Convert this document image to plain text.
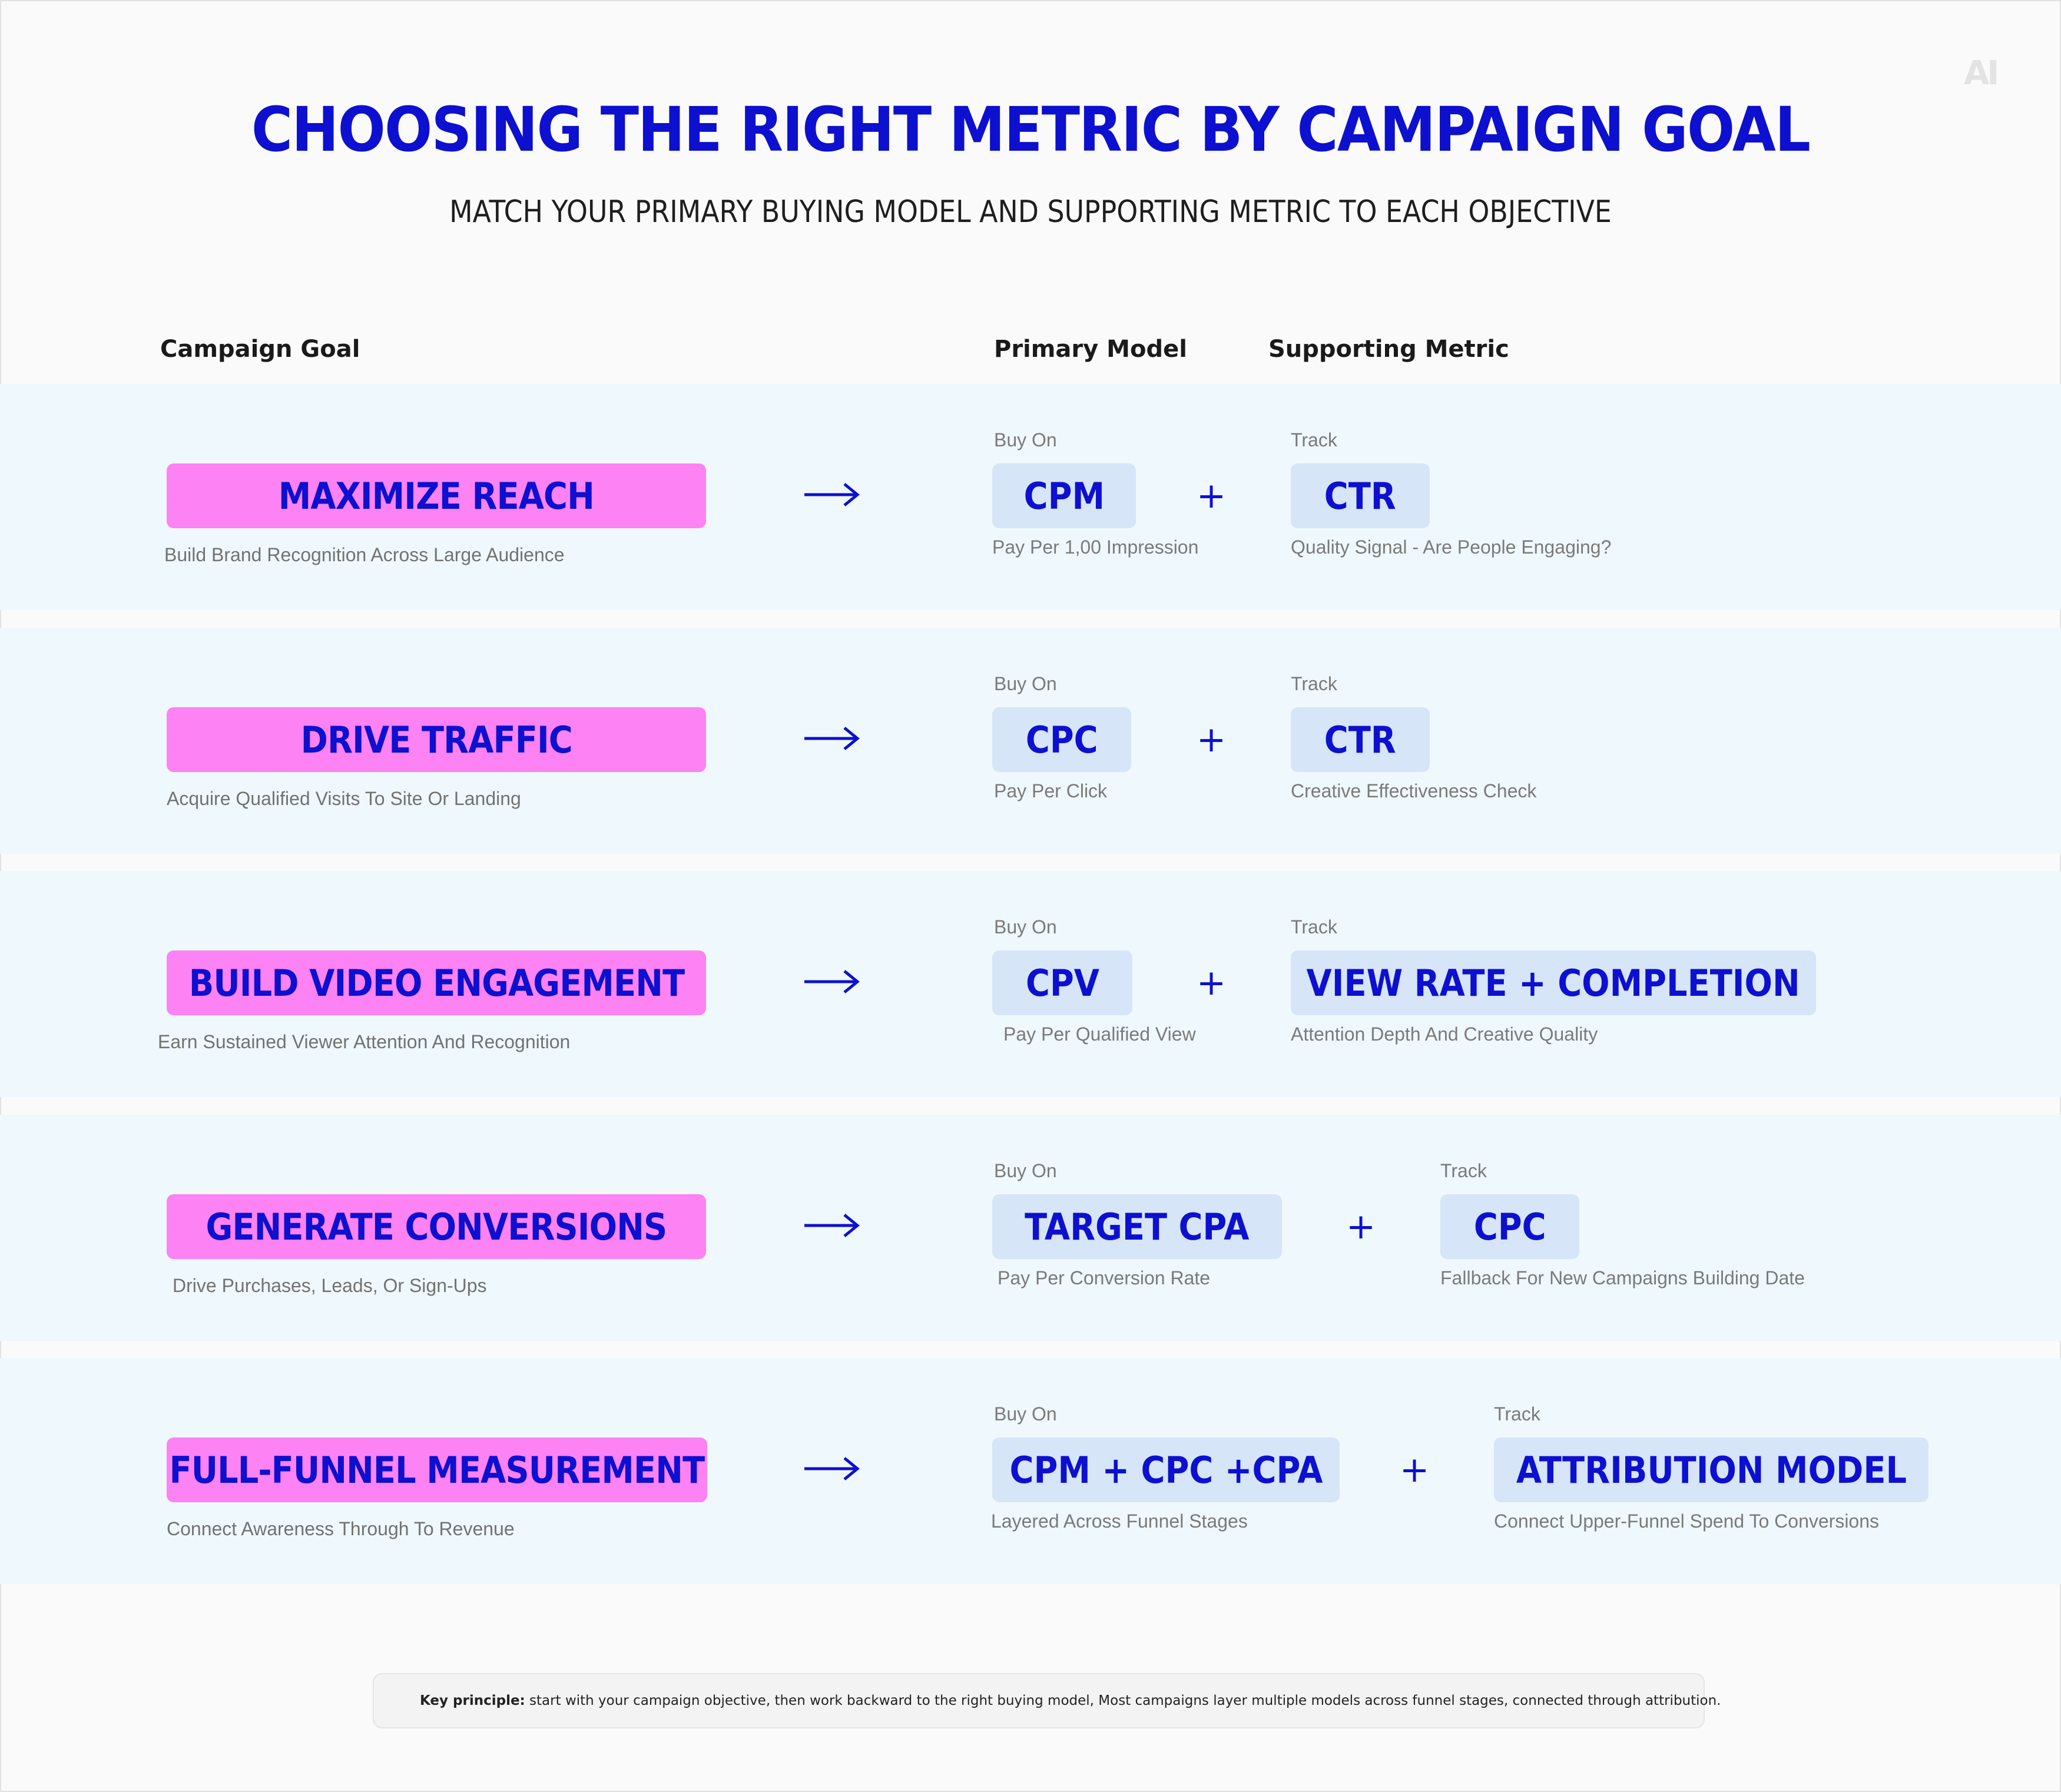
AI
CHOOSING THE RIGHT METRIC BY CAMPAIGN GOAL
MATCH YOUR PRIMARY BUYING MODEL AND SUPPORTING METRIC TO EACH OBJECTIVE
Campaign Goal	Primary Model	Supporting Metric
MAXIMIZE REACH
Build Brand Recognition Across Large Audience
Buy On
CPM
Pay Per 1,00 Impression
+
Track
CTR
Quality Signal - Are People Engaging?
DRIVE TRAFFIC
Acquire Qualified Visits To Site Or Landing
Buy On
CPC
Pay Per Click
+
Track
CTR
Creative Effectiveness Check
BUILD VIDEO ENGAGEMENT
Earn Sustained Viewer Attention And Recognition
Buy On
CPV
Pay Per Qualified View
+
Track
VIEW RATE + COMPLETION
Attention Depth And Creative Quality
GENERATE CONVERSIONS
Drive Purchases, Leads, Or Sign-Ups
Buy On
TARGET CPA
Pay Per Conversion Rate
+
Track
CPC
Fallback For New Campaigns Building Date
FULL-FUNNEL MEASUREMENT
Connect Awareness Through To Revenue
Buy On
CPM + CPC +CPA
Layered Across Funnel Stages
+
Track
ATTRIBUTION MODEL
Connect Upper-Funnel Spend To Conversions
Key principle: start with your campaign objective, then work backward to the right buying model, Most campaigns layer multiple models across funnel stages, connected through attribution.
